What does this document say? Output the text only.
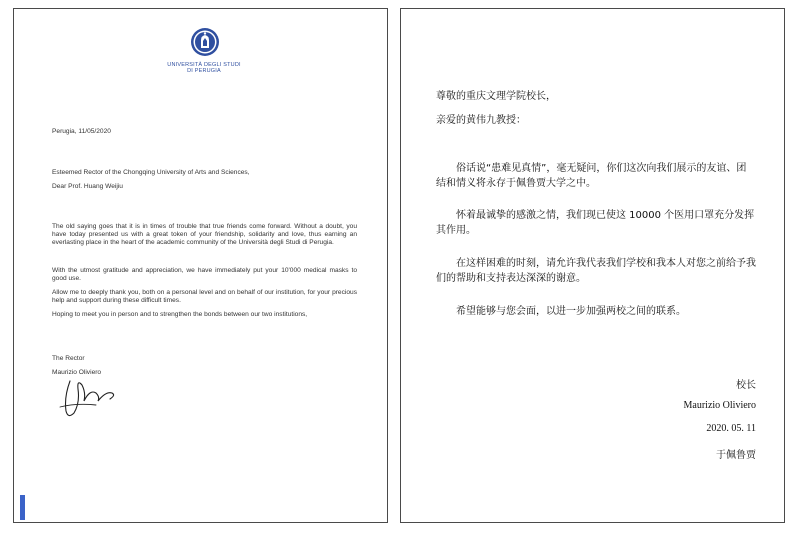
UNIVERSITÀ DEGLI STUDI
DI PERUGIA

Perugia, 11/05/2020

Esteemed Rector of the Chongqing University of Arts and Sciences,

Dear Prof. Huang Weijiu

The old saying goes that it is in times of trouble that true friends come forward. Without a doubt, you have today presented us with a great token of your friendship, solidarity and love, thus earning an everlasting place in the heart of the academic community of the Università degli Studi di Perugia.

With the utmost gratitude and appreciation, we have immediately put your 10'000 medical masks to good use.

Allow me to deeply thank you, both on a personal level and on behalf of our institution, for your precious help and support during these difficult times.

Hoping to meet you in person and to strengthen the bonds between our two institutions,

The Rector

Maurizio Oliviero

尊敬的重庆文理学院校长，

亲爱的黄伟九教授：

俗话说“患难见真情”，毫无疑问，你们这次向我们展示的友谊、团结和情义将永存于佩鲁贾大学之中。

怀着最诚挚的感激之情，我们现已使这 10000 个医用口罩充分发挥其作用。

在这样困难的时刻，请允许我代表我们学校和我本人对您之前给予我们的帮助和支持表达深深的谢意。

希望能够与您会面，以进一步加强两校之间的联系。

校长
Maurizio Oliviero
2020. 05. 11
于佩鲁贾
